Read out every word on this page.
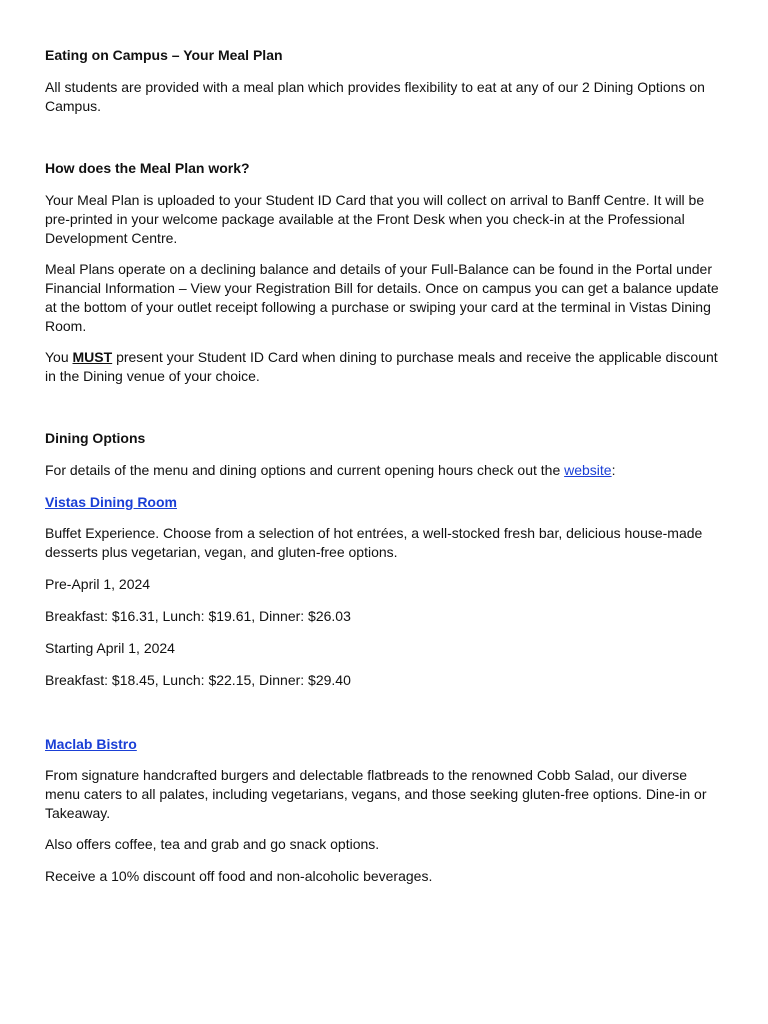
Eating on Campus – Your Meal Plan

All students are provided with a meal plan which provides flexibility to eat at any of our 2 Dining Options on Campus.

How does the Meal Plan work?

Your Meal Plan is uploaded to your Student ID Card that you will collect on arrival to Banff Centre. It will be pre-printed in your welcome package available at the Front Desk when you check-in at the Professional Development Centre.

Meal Plans operate on a declining balance and details of your Full-Balance can be found in the Portal under Financial Information – View your Registration Bill for details. Once on campus you can get a balance update at the bottom of your outlet receipt following a purchase or swiping your card at the terminal in Vistas Dining Room.

You MUST present your Student ID Card when dining to purchase meals and receive the applicable discount in the Dining venue of your choice.

Dining Options

For details of the menu and dining options and current opening hours check out the website:

Vistas Dining Room

Buffet Experience. Choose from a selection of hot entrées, a well-stocked fresh bar, delicious house-made desserts plus vegetarian, vegan, and gluten-free options.

Pre-April 1, 2024

Breakfast: $16.31, Lunch: $19.61, Dinner: $26.03

Starting April 1, 2024

Breakfast: $18.45, Lunch: $22.15, Dinner: $29.40

Maclab Bistro

From signature handcrafted burgers and delectable flatbreads to the renowned Cobb Salad, our diverse menu caters to all palates, including vegetarians, vegans, and those seeking gluten-free options. Dine-in or Takeaway.

Also offers coffee, tea and grab and go snack options.

Receive a 10% discount off food and non-alcoholic beverages.
